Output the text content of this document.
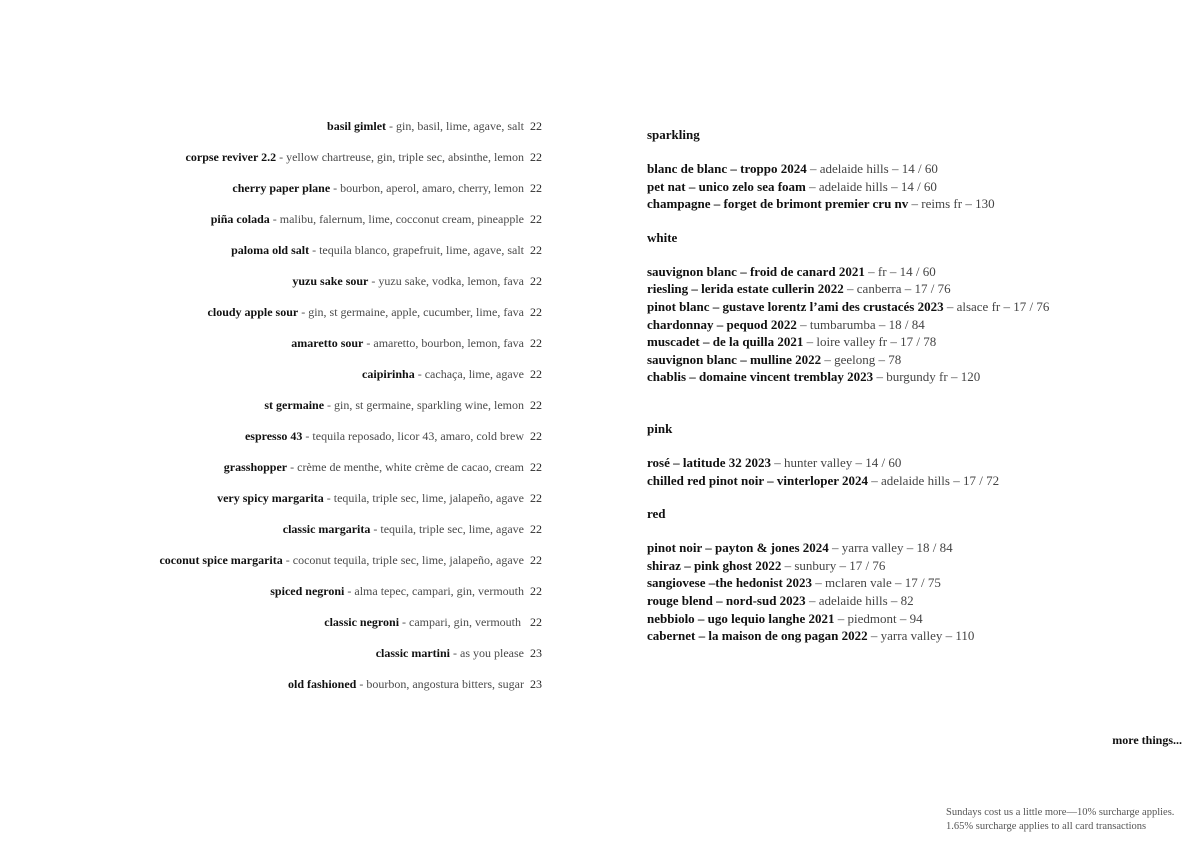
basil gimlet - gin, basil, lime, agave, salt 22
corpse reviver 2.2 - yellow chartreuse, gin, triple sec, absinthe, lemon 22
cherry paper plane - bourbon, aperol, amaro, cherry, lemon 22
piña colada - malibu, falernum, lime, cocconut cream, pineapple 22
paloma old salt - tequila blanco, grapefruit, lime, agave, salt 22
yuzu sake sour - yuzu sake, vodka, lemon, fava 22
cloudy apple sour - gin, st germaine, apple, cucumber, lime, fava 22
amaretto sour - amaretto, bourbon, lemon, fava 22
caipirinha - cachaça, lime, agave 22
st germaine - gin, st germaine, sparkling wine, lemon 22
espresso 43 - tequila reposado, licor 43, amaro, cold brew 22
grasshopper - crème de menthe, white crème de cacao, cream 22
very spicy margarita - tequila, triple sec, lime, jalapeño, agave 22
classic margarita - tequila, triple sec, lime, agave 22
coconut spice margarita - coconut tequila, triple sec, lime, jalapeño, agave 22
spiced negroni - alma tepec, campari, gin, vermouth 22
classic negroni - campari, gin, vermouth   22
classic martini - as you please 23
old fashioned - bourbon, angostura bitters, sugar 23
sparkling
blanc de blanc – troppo 2024 – adelaide hills – 14 / 60
pet nat – unico zelo sea foam – adelaide hills – 14 / 60
champagne – forget de brimont premier cru nv – reims fr – 130
white
sauvignon blanc – froid de canard 2021 – fr – 14 / 60
riesling – lerida estate cullerin 2022 – canberra – 17 / 76
pinot blanc – gustave lorentz l’ami des crustacés 2023 – alsace fr – 17 / 76
chardonnay – pequod 2022 – tumbarumba – 18 / 84
muscadet – de la quilla 2021 – loire valley fr – 17 / 78
sauvignon blanc – mulline 2022 – geelong – 78
chablis – domaine vincent tremblay 2023 – burgundy fr – 120
pink
rosé – latitude 32 2023 – hunter valley – 14 / 60
chilled red pinot noir – vinterloper 2024 – adelaide hills – 17 / 72
red
pinot noir – payton & jones 2024 – yarra valley – 18 / 84
shiraz – pink ghost 2022 – sunbury – 17 / 76
sangiovese –the hedonist 2023 – mclaren vale – 17 / 75
rouge blend – nord-sud 2023 – adelaide hills – 82
nebbiolo – ugo lequio langhe 2021 – piedmont – 94
cabernet – la maison de ong pagan 2022 – yarra valley – 110
more things...
Sundays cost us a little more—10% surcharge applies.
1.65% surcharge applies to all card transactions
